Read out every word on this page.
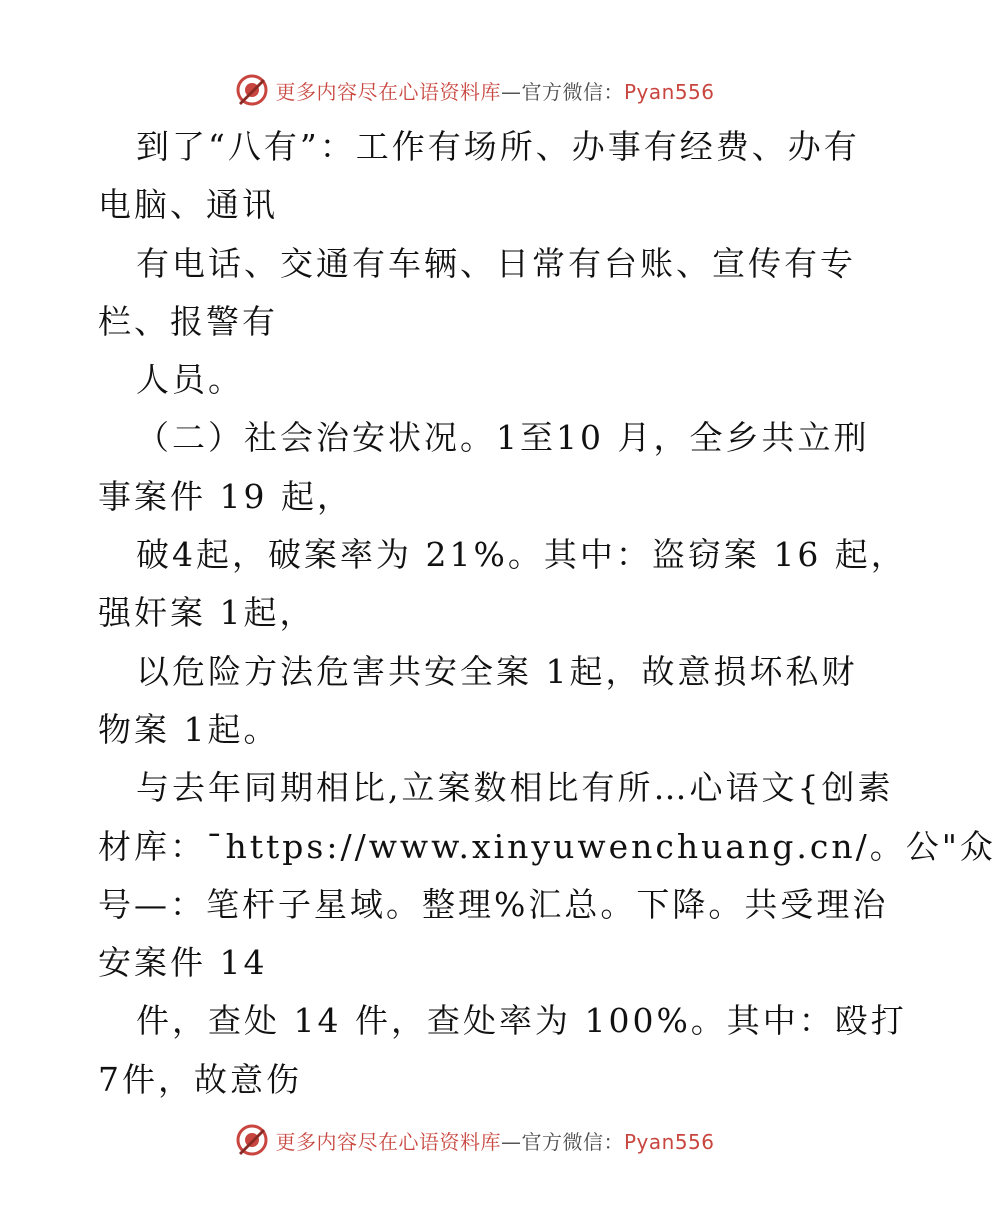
更多内容尽在心语资料库—官方微信：Pyan556
到了“八有”：工作有场所、办事有经费、办有
电脑、通讯
有电话、交通有车辆、日常有台账、宣传有专
栏、报警有
人员。
（二）社会治安状况。1至10 月，全乡共立刑
事案件 19 起，
破4起，破案率为 21%。其中：盗窃案 16 起，
强奸案 1起，
以危险方法危害共安全案 1起，故意损坏私财
物案 1起。
与去年同期相比,立案数相比有所…心语文{创素
材库：¯https://www.xinyuwenchuang.cn/。公"众
号—：笔杆子星域。整理%汇总。下降。共受理治
安案件 14
件，查处 14 件，查处率为 100%。其中：殴打
7件，故意伤
更多内容尽在心语资料库—官方微信：Pyan556
